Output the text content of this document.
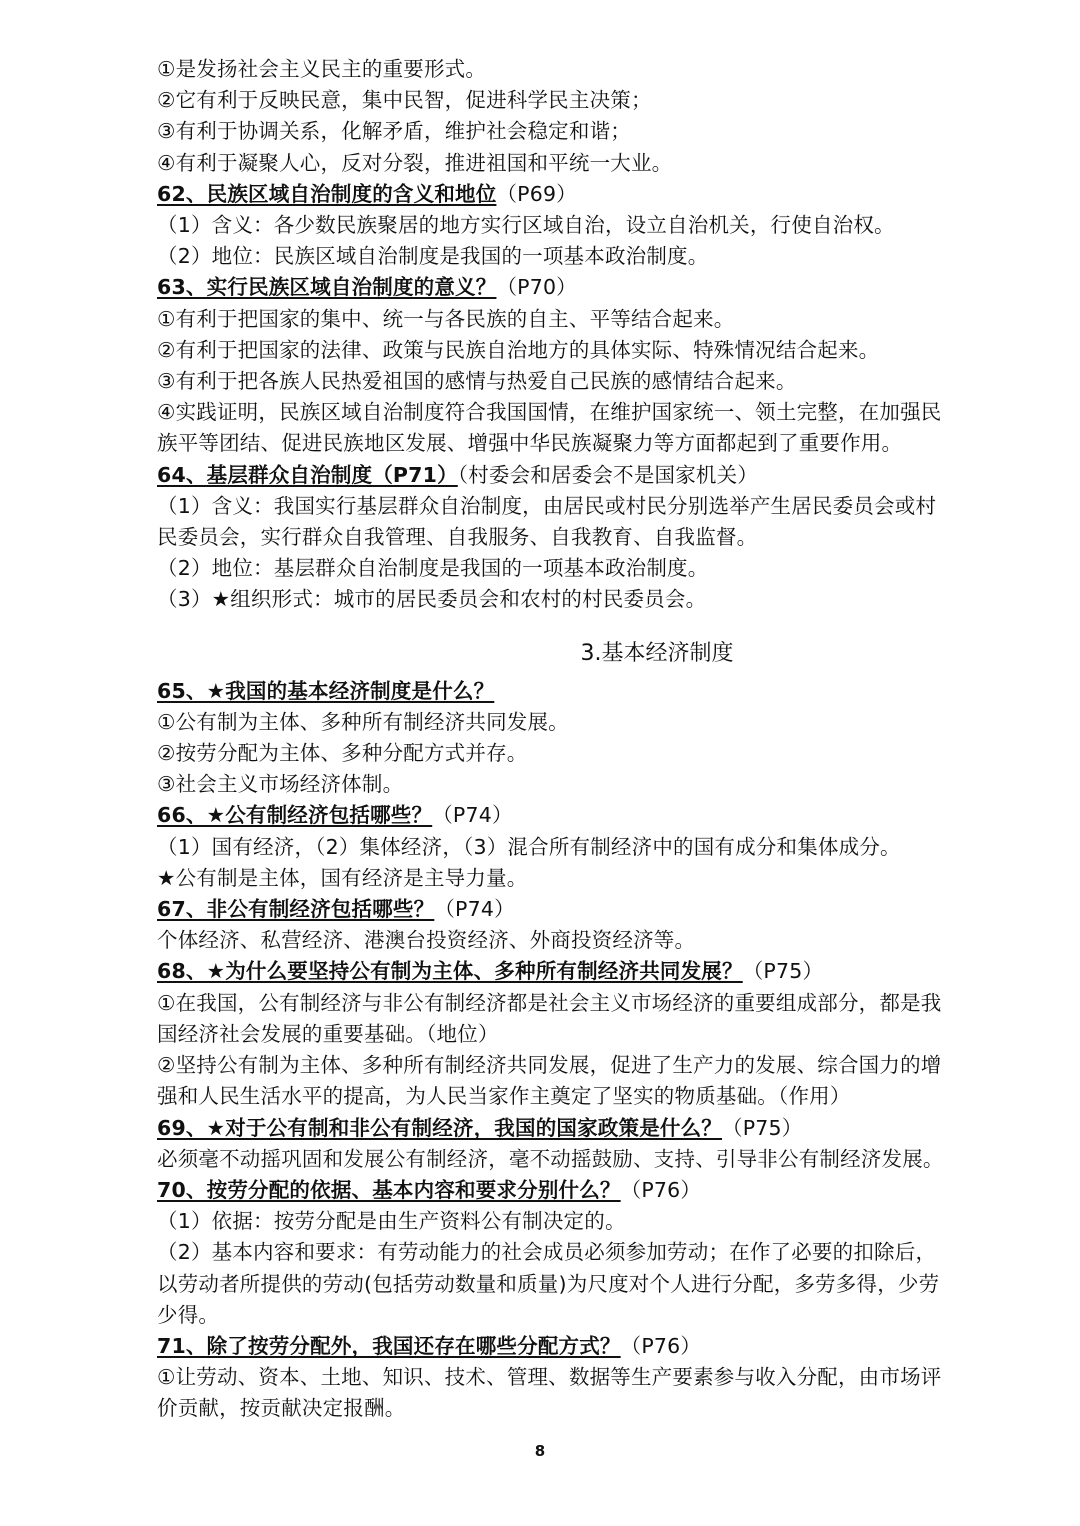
①是发扬社会主义民主的重要形式。
②它有利于反映民意，集中民智，促进科学民主决策；
③有利于协调关系，化解矛盾，维护社会稳定和谐；
④有利于凝聚人心，反对分裂，推进祖国和平统一大业。
62、民族区域自治制度的含义和地位（P69）
（1）含义：各少数民族聚居的地方实行区域自治，设立自治机关，行使自治权。
（2）地位：民族区域自治制度是我国的一项基本政治制度。
63、实行民族区域自治制度的意义？（P70）
①有利于把国家的集中、统一与各民族的自主、平等结合起来。
②有利于把国家的法律、政策与民族自治地方的具体实际、特殊情况结合起来。
③有利于把各族人民热爱祖国的感情与热爱自己民族的感情结合起来。
④实践证明，民族区域自治制度符合我国国情，在维护国家统一、领土完整，在加强民
族平等团结、促进民族地区发展、增强中华民族凝聚力等方面都起到了重要作用。
64、基层群众自治制度（P71）（村委会和居委会不是国家机关）
（1）含义：我国实行基层群众自治制度，由居民或村民分别选举产生居民委员会或村
民委员会，实行群众自我管理、自我服务、自我教育、自我监督。
（2）地位：基层群众自治制度是我国的一项基本政治制度。
（3）★组织形式：城市的居民委员会和农村的村民委员会。
3.基本经济制度
65、★我国的基本经济制度是什么？
①公有制为主体、多种所有制经济共同发展。
②按劳分配为主体、多种分配方式并存。
③社会主义市场经济体制。
66、★公有制经济包括哪些？（P74）
（1）国有经济，（2）集体经济，（3）混合所有制经济中的国有成分和集体成分。
★公有制是主体，国有经济是主导力量。
67、非公有制经济包括哪些？（P74）
个体经济、私营经济、港澳台投资经济、外商投资经济等。
68、★为什么要坚持公有制为主体、多种所有制经济共同发展？（P75）
①在我国，公有制经济与非公有制经济都是社会主义市场经济的重要组成部分，都是我
国经济社会发展的重要基础。（地位）
②坚持公有制为主体、多种所有制经济共同发展，促进了生产力的发展、综合国力的增
强和人民生活水平的提高，为人民当家作主奠定了坚实的物质基础。（作用）
69、★对于公有制和非公有制经济，我国的国家政策是什么？（P75）
必须毫不动摇巩固和发展公有制经济，毫不动摇鼓励、支持、引导非公有制经济发展。
70、按劳分配的依据、基本内容和要求分别什么？（P76）
（1）依据：按劳分配是由生产资料公有制决定的。
（2）基本内容和要求：有劳动能力的社会成员必须参加劳动；在作了必要的扣除后，
以劳动者所提供的劳动(包括劳动数量和质量)为尺度对个人进行分配，多劳多得，少劳
少得。
71、除了按劳分配外，我国还存在哪些分配方式？（P76）
①让劳动、资本、土地、知识、技术、管理、数据等生产要素参与收入分配，由市场评
价贡献，按贡献决定报酬。
8
